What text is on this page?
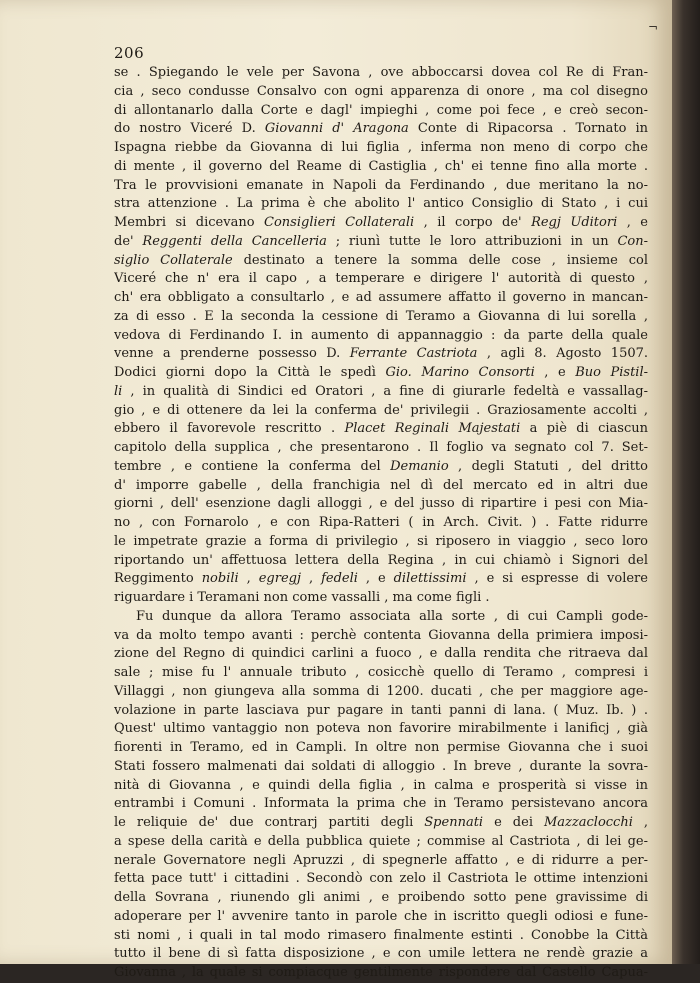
¬
206
se . Spiegando le vele per Savona , ove abboccarsi dovea col Re di Fran-
cia , seco condusse Consalvo con ogni apparenza di onore , ma col disegno
di allontanarlo dalla Corte e dagl' impieghi , come poi fece , e creò secon-
do nostro Viceré D. Giovanni d' Aragona Conte di Ripacorsa . Tornato in
Ispagna riebbe da Giovanna di lui figlia , inferma non meno di corpo che
di mente , il governo del Reame di Castiglia , ch' ei tenne fino alla morte .
Tra le provvisioni emanate in Napoli da Ferdinando , due meritano la no-
stra attenzione . La prima è che abolito l' antico Consiglio di Stato , i cui
Membri si dicevano Consiglieri Collaterali , il corpo de' Regj Uditori , e
de' Reggenti della Cancelleria ; riunì tutte le loro attribuzioni in un Con-
siglio Collaterale destinato a tenere la somma delle cose , insieme col
Viceré che n' era il capo , a temperare e dirigere l' autorità di questo ,
ch' era obbligato a consultarlo , e ad assumere affatto il governo in mancan-
za di esso . E la seconda la cessione di Teramo a Giovanna di lui sorella ,
vedova di Ferdinando I. in aumento di appannaggio : da parte della quale
venne a prenderne possesso D. Ferrante Castriota , agli 8. Agosto 1507.
Dodici giorni dopo la Città le spedì Gio. Marino Consorti , e Buo Pistil-
li , in qualità di Sindici ed Oratori , a fine di giurarle fedeltà e vassallag-
gio , e di ottenere da lei la conferma de' privilegii . Graziosamente accolti ,
ebbero il favorevole rescritto . Placet Reginali Majestati a piè di ciascun
capitolo della supplica , che presentarono . Il foglio va segnato col 7. Set-
tembre , e contiene la conferma del Demanio , degli Statuti , del dritto
d' imporre gabelle , della franchigia nel dì del mercato ed in altri due
giorni , dell' esenzione dagli alloggi , e del jusso di ripartire i pesi con Mia-
no , con Fornarolo , e con Ripa-Ratteri ( in Arch. Civit. ) . Fatte ridurre
le impetrate grazie a forma di privilegio , si riposero in viaggio , seco loro
riportando un' affettuosa lettera della Regina , in cui chiamò i Signori del
Reggimento nobili , egregj , fedeli , e dilettissimi , e si espresse di volere
riguardare i Teramani non come vassalli , ma come figli .
Fu dunque da allora Teramo associata alla sorte , di cui Campli gode-
va da molto tempo avanti : perchè contenta Giovanna della primiera imposi-
zione del Regno di quindici carlini a fuoco , e dalla rendita che ritraeva dal
sale ; mise fu l' annuale tributo , cosicchè quello di Teramo , compresi i
Villaggi , non giungeva alla somma di 1200. ducati , che per maggiore age-
volazione in parte lasciava pur pagare in tanti panni di lana. ( Muz. Ib. ) .
Quest' ultimo vantaggio non poteva non favorire mirabilmente i lanificj , già
fiorenti in Teramo, ed in Campli. In oltre non permise Giovanna che i suoi
Stati fossero malmenati dai soldati di alloggio . In breve , durante la sovra-
nità di Giovanna , e quindi della figlia , in calma e prosperità si visse in
entrambi i Comuni . Informata la prima che in Teramo persistevano ancora
le reliquie de' due contrarj partiti degli Spennati e dei Mazzaclocchi ,
a spese della carità e della pubblica quiete ; commise al Castriota , di lei ge-
nerale Governatore negli Apruzzi , di spegnerle affatto , e di ridurre a per-
fetta pace tutt' i cittadini . Secondò con zelo il Castriota le ottime intenzioni
della Sovrana , riunendo gli animi , e proibendo sotto pene gravissime di
adoperare per l' avvenire tanto in parole che in iscritto quegli odiosi e fune-
sti nomi , i quali in tal modo rimasero finalmente estinti . Conobbe la Città
tutto il bene di sì fatta disposizione , e con umile lettera ne rendè grazie a
Giovanna , la quale si compiacque gentilmente rispondere dal Castello Capua-
